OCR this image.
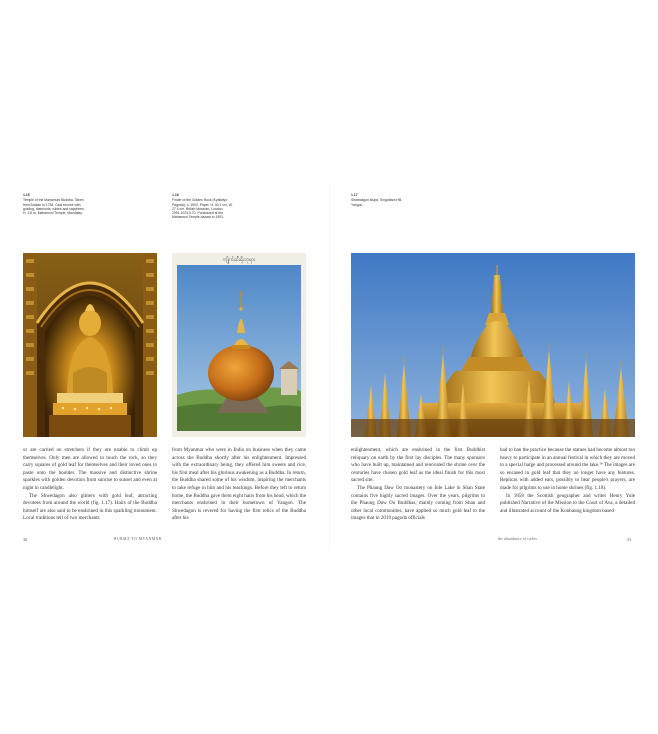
1.15
Temple of the Mahamuni Buddha, Taken from Arakan in 1784. Cast bronze with golding, diamonds, rubies and sapphires. H. 3.8 m. Mahamuni Temple, Mandalay.
1.16
Finder of the Golden Rock (Kyaiktiyo Pagoda), c. 1900. Paper. H. 40.1 cm, W. 27.4 cm. British Museum, London. 1991.1023,0.70. Purchased at the Mahamuni Temple bazaar in 1991.
1.17
Shwedagon stupa, Singuttara Hill, Yangon.
ကျိုက်ထီးရိုးဘုရား

or are carried on stretchers if they are unable to climb up themselves. Only men are allowed to touch the rock, so they carry squares of gold leaf for themselves and their loved ones to paste onto the boulder. The massive and distinctive shrine sparkles with golden devotion from sunrise to sunset and even at night in candlelight.

The Shwedagon also glitters with gold leaf, attracting devotees from around the world (fig. 1.17). Hairs of the Buddha himself are also said to be enshrined in this sparkling monument. Local traditions tell of two merchants

from Myanmar who were in India on business when they came across the Buddha shortly after his enlightenment. Impressed with the extraordinary being, they offered him sweets and rice, his first meal after his glorious awakening as a Buddha. In return, the Buddha shared some of his wisdom, inspiring the merchants to take refuge in him and his teachings. Before they left to return home, the Buddha gave them eight hairs from his head, which the merchants enshrined in their hometown of Yangon. The Shwedagon is revered for having the first relics of the Buddha after his

enlightenment, which are enshrined in the first Buddhist reliquary on earth by the first lay disciples. The many sponsors who have built up, maintained and renovated the shrine over the centuries have chosen gold leaf as the ideal finish for this most sacred site.

The Phaung Daw Oo monastery on Inle Lake in Shan State contains five highly sacred images. Over the years, pilgrims to the Phaung Daw Oo Buddhas, mainly coming from Shan and other local communities, have applied so much gold leaf to the images that in 2019 pagoda officials

had to ban the practice because the statues had become almost too heavy to participate in an annual festival in which they are moved to a special barge and processed around the lake.¹⁸ The images are so encased in gold leaf that they no longer have any features. Replicas with added ears, possibly to hear people's prayers, are made for pilgrims to use in home shrines (fig. 1.18).

In 1858 the Scottish geographer and writer Henry Yule published Narrative of the Mission to the Court of Ava, a detailed and illustrated account of the Konbaung kingdom based

30	BURMA TO MYANMAR	the abundance of riches	31
